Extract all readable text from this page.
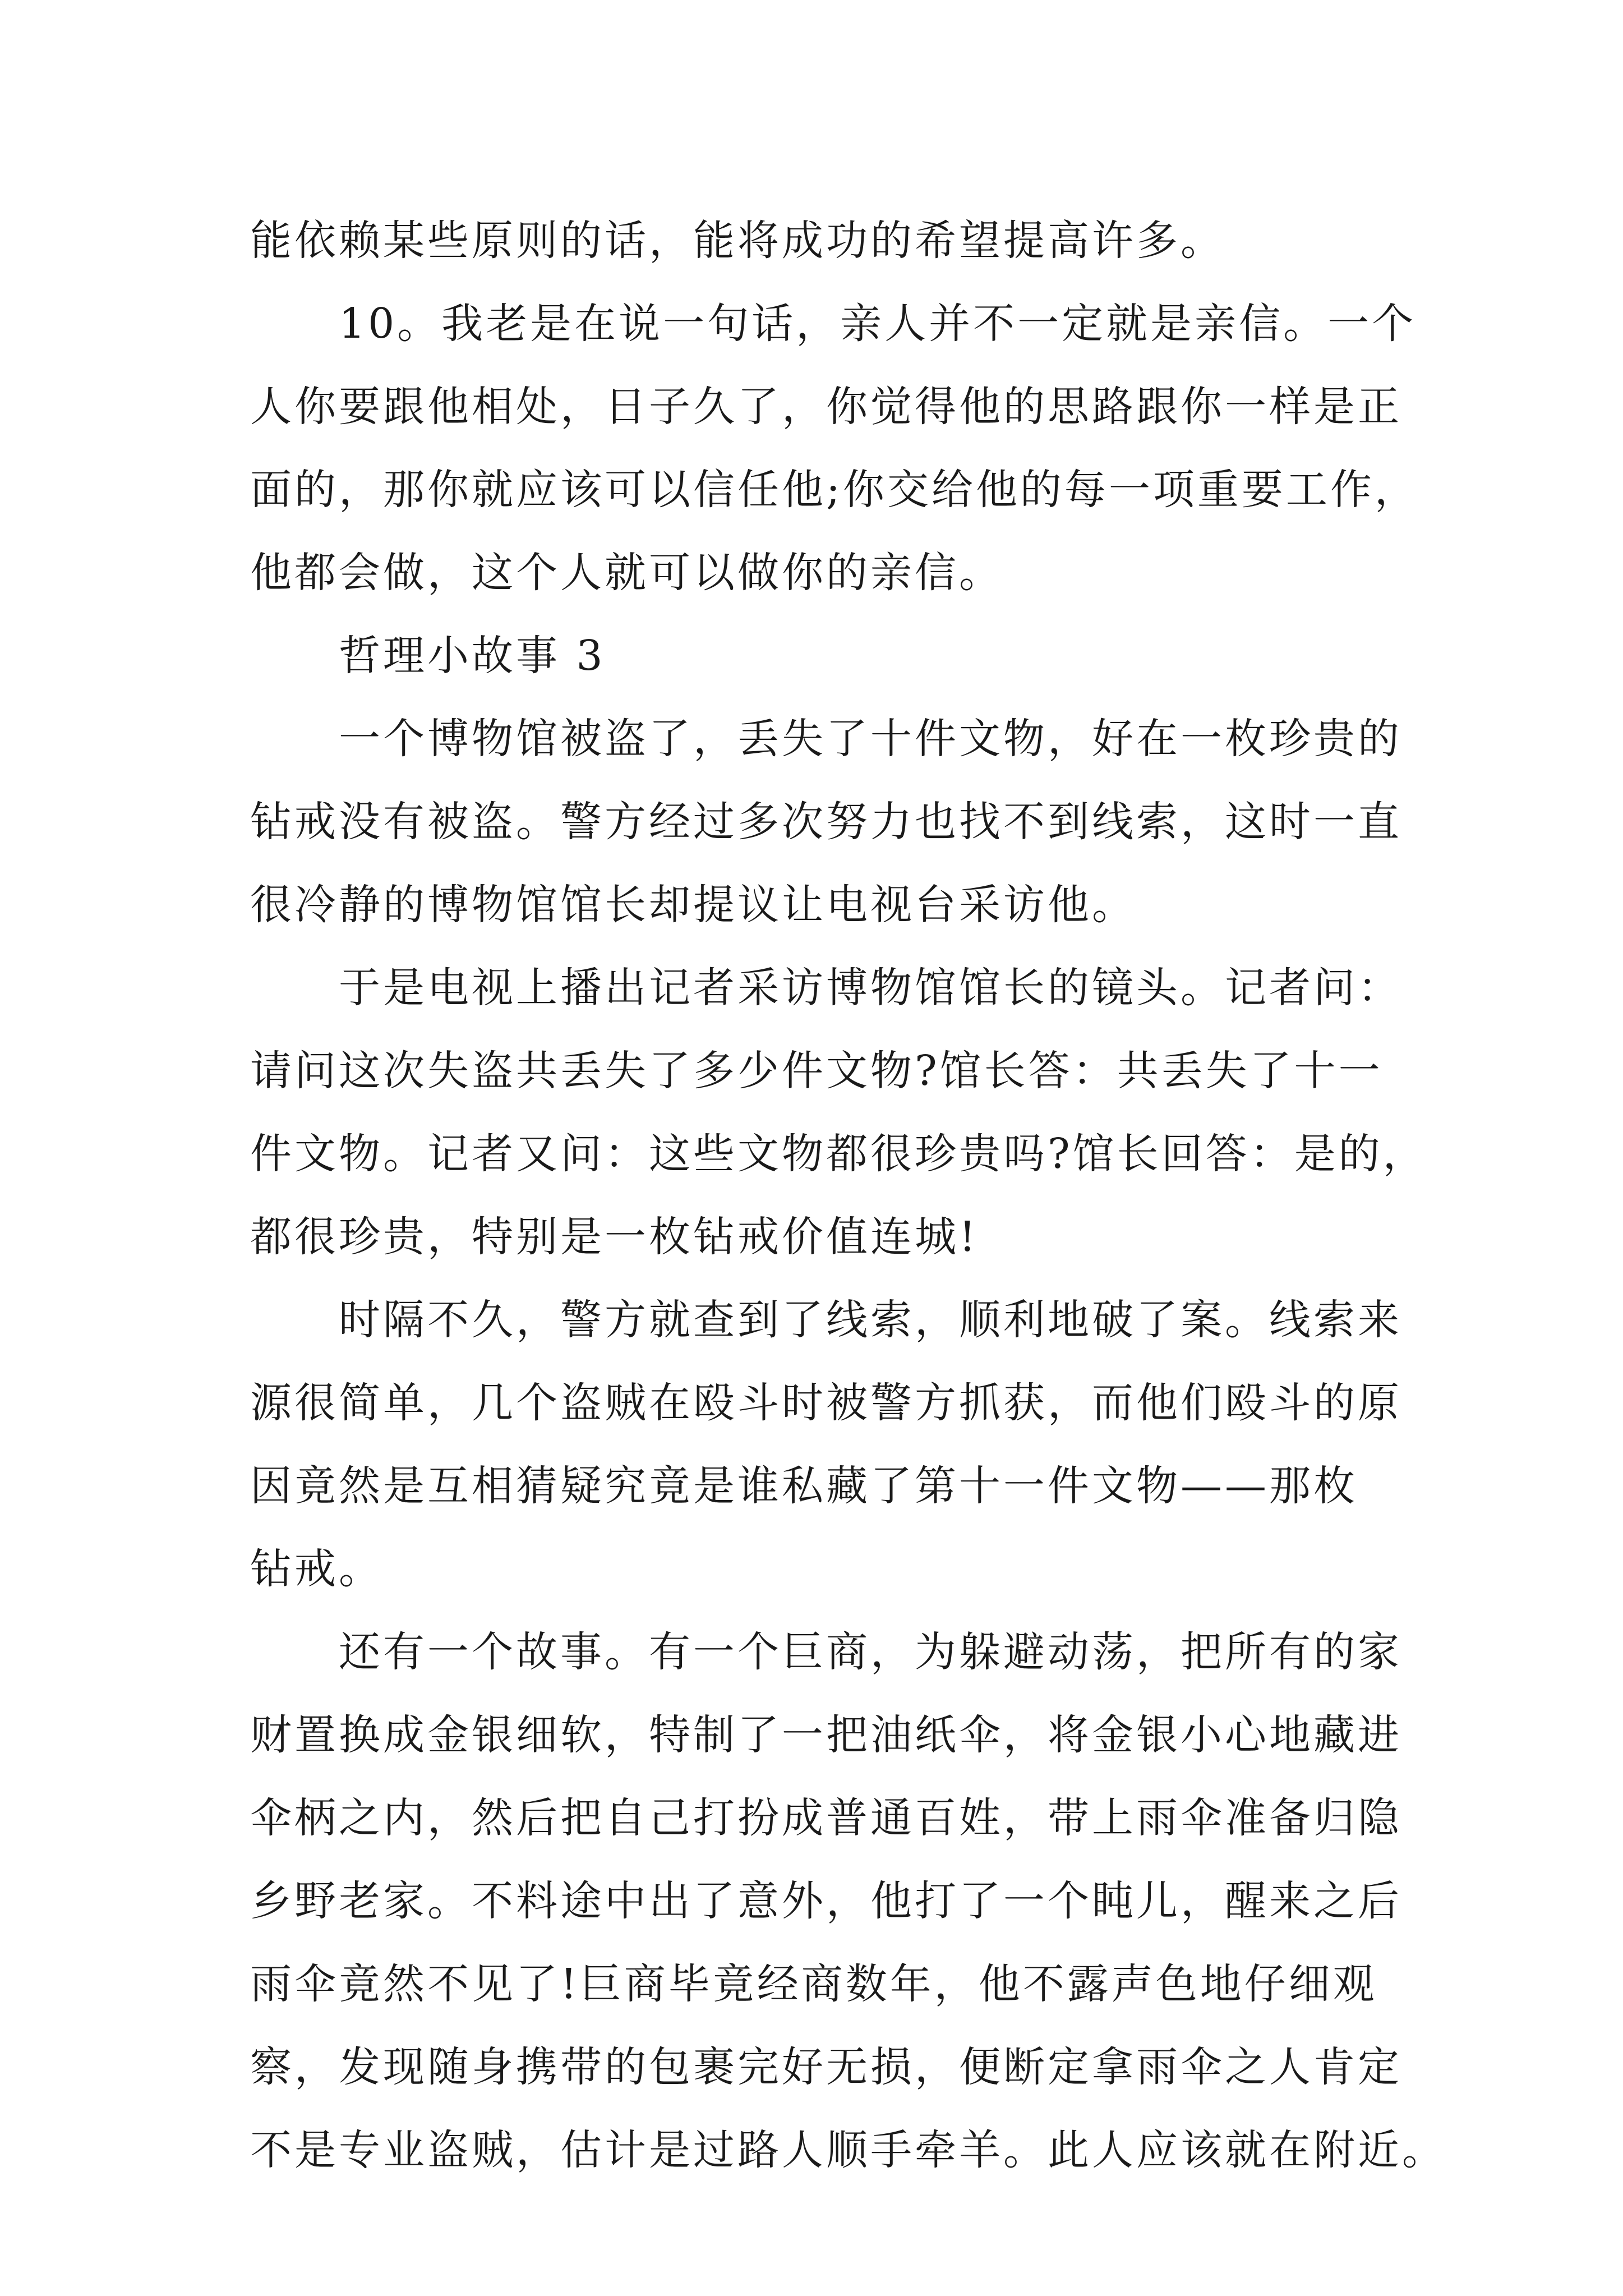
能依赖某些原则的话，能将成功的希望提高许多。

10。我老是在说一句话，亲人并不一定就是亲信。一个
人你要跟他相处，日子久了，你觉得他的思路跟你一样是正
面的，那你就应该可以信任他;你交给他的每一项重要工作，
他都会做，这个人就可以做你的亲信。

哲理小故事 3

一个博物馆被盗了，丢失了十件文物，好在一枚珍贵的
钻戒没有被盗。警方经过多次努力也找不到线索，这时一直
很冷静的博物馆馆长却提议让电视台采访他。

于是电视上播出记者采访博物馆馆长的镜头。记者问：
请问这次失盗共丢失了多少件文物?馆长答：共丢失了十一
件文物。记者又问：这些文物都很珍贵吗?馆长回答：是的，
都很珍贵，特别是一枚钻戒价值连城!

时隔不久，警方就查到了线索，顺利地破了案。线索来
源很简单，几个盗贼在殴斗时被警方抓获，而他们殴斗的原
因竟然是互相猜疑究竟是谁私藏了第十一件文物——那枚
钻戒。

还有一个故事。有一个巨商，为躲避动荡，把所有的家
财置换成金银细软，特制了一把油纸伞，将金银小心地藏进
伞柄之内，然后把自己打扮成普通百姓，带上雨伞准备归隐
乡野老家。不料途中出了意外，他打了一个盹儿，醒来之后
雨伞竟然不见了!巨商毕竟经商数年，他不露声色地仔细观
察，发现随身携带的包裹完好无损，便断定拿雨伞之人肯定
不是专业盗贼，估计是过路人顺手牵羊。此人应该就在附近。
